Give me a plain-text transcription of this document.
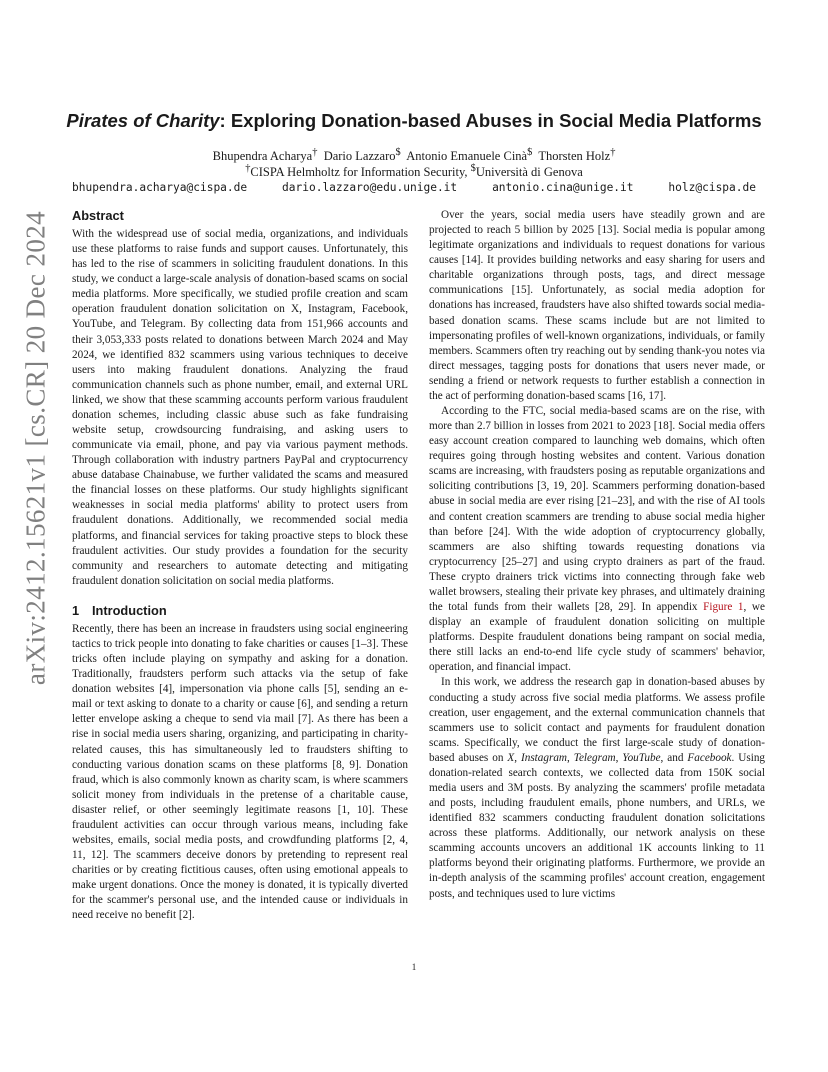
arXiv:2412.15621v1 [cs.CR] 20 Dec 2024
Pirates of Charity: Exploring Donation-based Abuses in Social Media Platforms
Bhupendra Acharya† Dario Lazzaro$ Antonio Emanuele Cinà$ Thorsten Holz†
†CISPA Helmholtz for Information Security, $Università di Genova
bhupendra.acharya@cispa.de	dario.lazzaro@edu.unige.it	antonio.cina@unige.it	holz@cispa.de
Abstract

With the widespread use of social media, organizations, and individuals use these platforms to raise funds and support causes. Unfortunately, this has led to the rise of scammers in soliciting fraudulent donations. In this study, we conduct a large-scale analysis of donation-based scams on social media platforms. More specifically, we studied profile creation and scam operation fraudulent donation solicitation on X, Instagram, Facebook, YouTube, and Telegram. By collecting data from 151,966 accounts and their 3,053,333 posts related to donations between March 2024 and May 2024, we identified 832 scammers using various techniques to deceive users into making fraudulent donations. Analyzing the fraud communication channels such as phone number, email, and external URL linked, we show that these scamming accounts perform various fraudulent donation schemes, including classic abuse such as fake fundraising website setup, crowdsourcing fundraising, and asking users to communicate via email, phone, and pay via various payment methods. Through collaboration with industry partners PayPal and cryptocurrency abuse database Chainabuse, we further validated the scams and measured the financial losses on these platforms. Our study highlights significant weaknesses in social media platforms' ability to protect users from fraudulent donations. Additionally, we recommended social media platforms, and financial services for taking proactive steps to block these fraudulent activities. Our study provides a foundation for the security community and researchers to automate detecting and mitigating fraudulent donation solicitation on social media platforms.

1 Introduction

Recently, there has been an increase in fraudsters using social engineering tactics to trick people into donating to fake charities or causes [1–3]. These tricks often include playing on sympathy and asking for a donation. Traditionally, fraudsters perform such attacks via the setup of fake donation websites [4], impersonation via phone calls [5], sending an e-mail or text asking to donate to a charity or cause [6], and sending a return letter envelope asking a cheque to send via mail [7]. As there has been a rise in social media users sharing, organizing, and participating in charity-related causes, this has simultaneously led to fraudsters shifting to conducting various donation scams on these platforms [8, 9]. Donation fraud, which is also commonly known as charity scam, is where scammers solicit money from individuals in the pretense of a charitable cause, disaster relief, or other seemingly legitimate reasons [1, 10]. These fraudulent activities can occur through various means, including fake websites, emails, social media posts, and crowdfunding platforms [2, 4, 11, 12]. The scammers deceive donors by pretending to represent real charities or by creating fictitious causes, often using emotional appeals to make urgent donations. Once the money is donated, it is typically diverted for the scammer's personal use, and the intended cause or individuals in need receive no benefit [2].

Over the years, social media users have steadily grown and are projected to reach 5 billion by 2025 [13]. Social media is popular among legitimate organizations and individuals to request donations for various causes [14]. It provides building networks and easy sharing for users and charitable organizations through posts, tags, and direct message communications [15]. Unfortunately, as social media adoption for donations has increased, fraudsters have also shifted towards social media-based donation scams. These scams include but are not limited to impersonating profiles of well-known organizations, individuals, or family members. Scammers often try reaching out by sending thank-you notes via direct messages, tagging posts for donations that users never made, or sending a friend or network requests to further establish a connection in the act of performing donation-based scams [16, 17].

According to the FTC, social media-based scams are on the rise, with more than 2.7 billion in losses from 2021 to 2023 [18]. Social media offers easy account creation compared to launching web domains, which often requires going through hosting websites and content. Various donation scams are increasing, with fraudsters posing as reputable organizations and soliciting contributions [3, 19, 20]. Scammers performing donation-based abuse in social media are ever rising [21–23], and with the rise of AI tools and content creation scammers are trending to abuse social media higher than before [24]. With the wide adoption of cryptocurrency globally, scammers are also shifting towards requesting donations via cryptocurrency [25–27] and using crypto drainers as part of the fraud. These crypto drainers trick victims into connecting through fake web wallet browsers, stealing their private key phrases, and ultimately draining the total funds from their wallets [28, 29]. In appendix Figure 1, we display an example of fraudulent donation soliciting on multiple platforms. Despite fraudulent donations being rampant on social media, there still lacks an end-to-end life cycle study of scammers' behavior, operation, and financial impact.

In this work, we address the research gap in donation-based abuses by conducting a study across five social media platforms. We assess profile creation, user engagement, and the external communication channels that scammers use to solicit contact and payments for fraudulent donation scams. Specifically, we conduct the first large-scale study of donation-based abuses on X, Instagram, Telegram, YouTube, and Facebook. Using donation-related search contexts, we collected data from 150K social media users and 3M posts. By analyzing the scammers' profile metadata and posts, including fraudulent emails, phone numbers, and URLs, we identified 832 scammers conducting fraudulent donation solicitations across these platforms. Additionally, our network analysis on these scamming accounts uncovers an additional 1K accounts linking to 11 platforms beyond their originating platforms. Furthermore, we provide an in-depth analysis of the scamming profiles' account creation, engagement posts, and techniques used to lure victims

1
